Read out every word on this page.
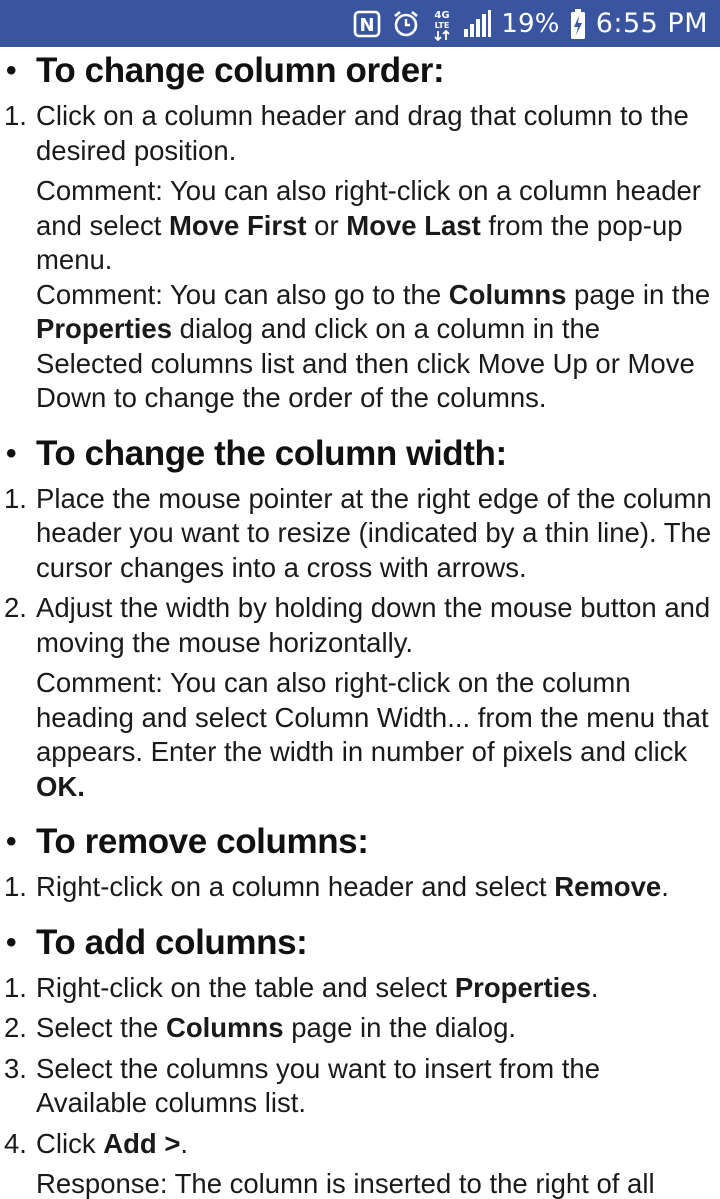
N	4G
LTE 19% 6:55 PM
• To change column order:
1. Click on a column header and drag that column to the desired position.
Comment: You can also right-click on a column header and select Move First or Move Last from the pop-up menu.
Comment: You can also go to the Columns page in the Properties dialog and click on a column in the Selected columns list and then click Move Up or Move Down to change the order of the columns.
• To change the column width:
1. Place the mouse pointer at the right edge of the column header you want to resize (indicated by a thin line). The cursor changes into a cross with arrows.
2. Adjust the width by holding down the mouse button and moving the mouse horizontally.
Comment: You can also right-click on the column heading and select Column Width... from the menu that appears. Enter the width in number of pixels and click OK.
• To remove columns:
1. Right-click on a column header and select Remove.
• To add columns:
1. Right-click on the table and select Properties.
2. Select the Columns page in the dialog.
3. Select the columns you want to insert from the Available columns list.
4. Click Add >.
Response: The column is inserted to the right of all
